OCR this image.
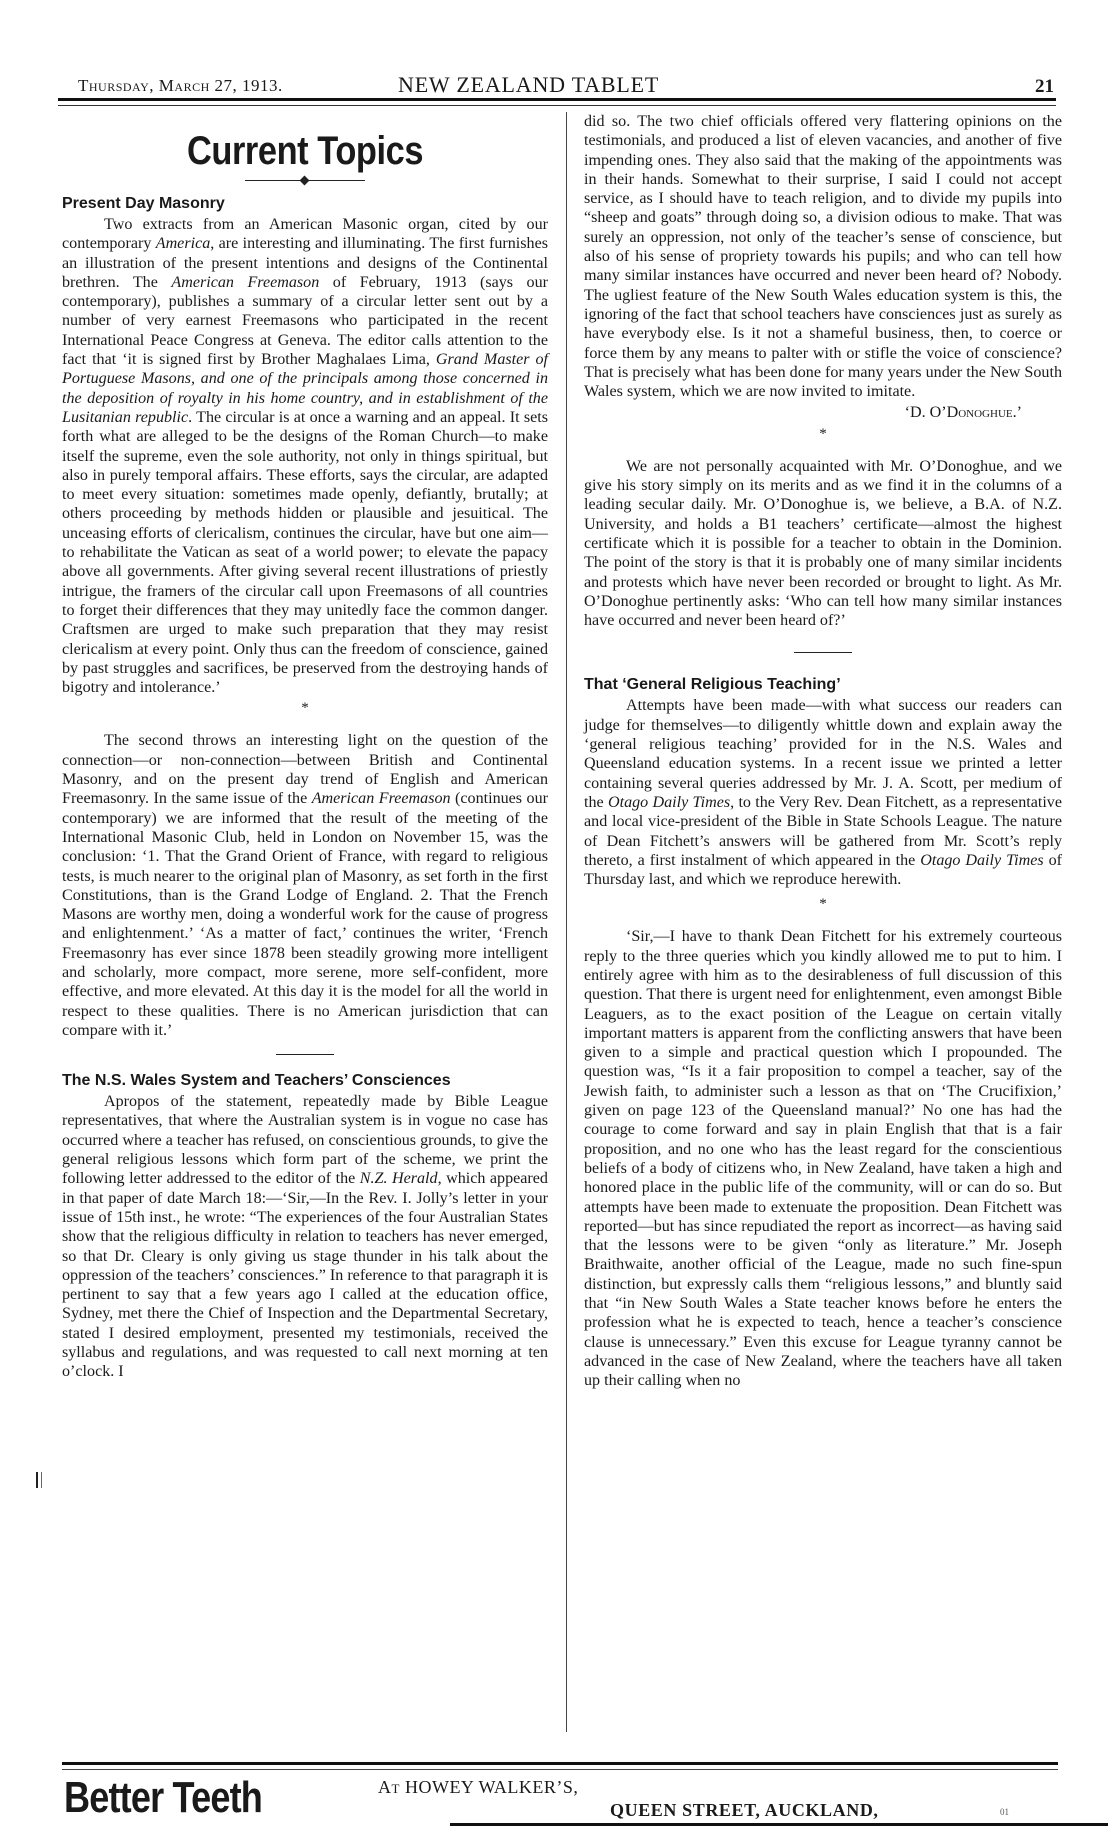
Thursday, March 27, 1913.	NEW ZEALAND TABLET	21
Current Topics
Present Day Masonry

Two extracts from an American Masonic organ, cited by our contemporary America, are interesting and illuminating. The first furnishes an illustration of the present intentions and designs of the Continental brethren. The American Freemason of February, 1913 (says our contemporary), publishes a summary of a circular letter sent out by a number of very earnest Freemasons who participated in the recent International Peace Congress at Geneva. The editor calls attention to the fact that ‘it is signed first by Brother Maghalaes Lima, Grand Master of Portuguese Masons, and one of the principals among those concerned in the deposition of royalty in his home country, and in establishment of the Lusitanian republic. The circular is at once a warning and an appeal. It sets forth what are alleged to be the designs of the Roman Church—to make itself the supreme, even the sole authority, not only in things spiritual, but also in purely temporal affairs. These efforts, says the circular, are adapted to meet every situation: sometimes made openly, defiantly, brutally; at others proceeding by methods hidden or plausible and jesuitical. The unceasing efforts of clericalism, continues the circular, have but one aim—to rehabilitate the Vatican as seat of a world power; to elevate the papacy above all governments. After giving several recent illustrations of priestly intrigue, the framers of the circular call upon Freemasons of all countries to forget their differences that they may unitedly face the common danger. Craftsmen are urged to make such preparation that they may resist clericalism at every point. Only thus can the freedom of conscience, gained by past struggles and sacrifices, be preserved from the destroying hands of bigotry and intolerance.’

*

The second throws an interesting light on the question of the connection—or non-connection—between British and Continental Masonry, and on the present day trend of English and American Freemasonry. In the same issue of the American Freemason (continues our contemporary) we are informed that the result of the meeting of the International Masonic Club, held in London on November 15, was the conclusion: ‘1. That the Grand Orient of France, with regard to religious tests, is much nearer to the original plan of Masonry, as set forth in the first Constitutions, than is the Grand Lodge of England. 2. That the French Masons are worthy men, doing a wonderful work for the cause of progress and enlightenment.’ ‘As a matter of fact,’ continues the writer, ‘French Freemasonry has ever since 1878 been steadily growing more intelligent and scholarly, more compact, more serene, more self-confident, more effective, and more elevated. At this day it is the model for all the world in respect to these qualities. There is no American jurisdiction that can compare with it.’

The N.S. Wales System and Teachers’ Consciences

Apropos of the statement, repeatedly made by Bible League representatives, that where the Australian system is in vogue no case has occurred where a teacher has refused, on conscientious grounds, to give the general religious lessons which form part of the scheme, we print the following letter addressed to the editor of the N.Z. Herald, which appeared in that paper of date March 18:—‘Sir,—In the Rev. I. Jolly’s letter in your issue of 15th inst., he wrote: “The experiences of the four Australian States show that the religious difficulty in relation to teachers has never emerged, so that Dr. Cleary is only giving us stage thunder in his talk about the oppression of the teachers’ consciences.” In reference to that paragraph it is pertinent to say that a few years ago I called at the education office, Sydney, met there the Chief of Inspection and the Departmental Secretary, stated I desired employment, presented my testimonials, received the syllabus and regulations, and was requested to call next morning at ten o’clock. I

did so. The two chief officials offered very flattering opinions on the testimonials, and produced a list of eleven vacancies, and another of five impending ones. They also said that the making of the appointments was in their hands. Somewhat to their surprise, I said I could not accept service, as I should have to teach religion, and to divide my pupils into “sheep and goats” through doing so, a division odious to make. That was surely an oppression, not only of the teacher’s sense of conscience, but also of his sense of propriety towards his pupils; and who can tell how many similar instances have occurred and never been heard of? Nobody. The ugliest feature of the New South Wales education system is this, the ignoring of the fact that school teachers have consciences just as surely as have everybody else. Is it not a shameful business, then, to coerce or force them by any means to palter with or stifle the voice of conscience? That is precisely what has been done for many years under the New South Wales system, which we are now invited to imitate.

‘D. O’Donoghue.’
*

We are not personally acquainted with Mr. O’Donoghue, and we give his story simply on its merits and as we find it in the columns of a leading secular daily. Mr. O’Donoghue is, we believe, a B.A. of N.Z. University, and holds a B1 teachers’ certificate—almost the highest certificate which it is possible for a teacher to obtain in the Dominion. The point of the story is that it is probably one of many similar incidents and protests which have never been recorded or brought to light. As Mr. O’Donoghue pertinently asks: ‘Who can tell how many similar instances have occurred and never been heard of?’

That ‘General Religious Teaching’

Attempts have been made—with what success our readers can judge for themselves—to diligently whittle down and explain away the ‘general religious teaching’ provided for in the N.S. Wales and Queensland education systems. In a recent issue we printed a letter containing several queries addressed by Mr. J. A. Scott, per medium of the Otago Daily Times, to the Very Rev. Dean Fitchett, as a representative and local vice-president of the Bible in State Schools League. The nature of Dean Fitchett’s answers will be gathered from Mr. Scott’s reply thereto, a first instalment of which appeared in the Otago Daily Times of Thursday last, and which we reproduce herewith.

*

‘Sir,—I have to thank Dean Fitchett for his extremely courteous reply to the three queries which you kindly allowed me to put to him. I entirely agree with him as to the desirableness of full discussion of this question. That there is urgent need for enlightenment, even amongst Bible Leaguers, as to the exact position of the League on certain vitally important matters is apparent from the conflicting answers that have been given to a simple and practical question which I propounded. The question was, “Is it a fair proposition to compel a teacher, say of the Jewish faith, to administer such a lesson as that on ‘The Crucifixion,’ given on page 123 of the Queensland manual?’ No one has had the courage to come forward and say in plain English that that is a fair proposition, and no one who has the least regard for the conscientious beliefs of a body of citizens who, in New Zealand, have taken a high and honored place in the public life of the community, will or can do so. But attempts have been made to extenuate the proposition. Dean Fitchett was reported—but has since repudiated the report as incorrect—as having said that the lessons were to be given “only as literature.” Mr. Joseph Braithwaite, another official of the League, made no such fine-spun distinction, but expressly calls them “religious lessons,” and bluntly said that “in New South Wales a State teacher knows before he enters the profession what he is expected to teach, hence a teacher’s conscience clause is unnecessary.” Even this excuse for League tyranny cannot be advanced in the case of New Zealand, where the teachers have all taken up their calling when no

Better Teeth	At HOWEY WALKER’S,
QUEEN STREET, AUCKLAND,	01
